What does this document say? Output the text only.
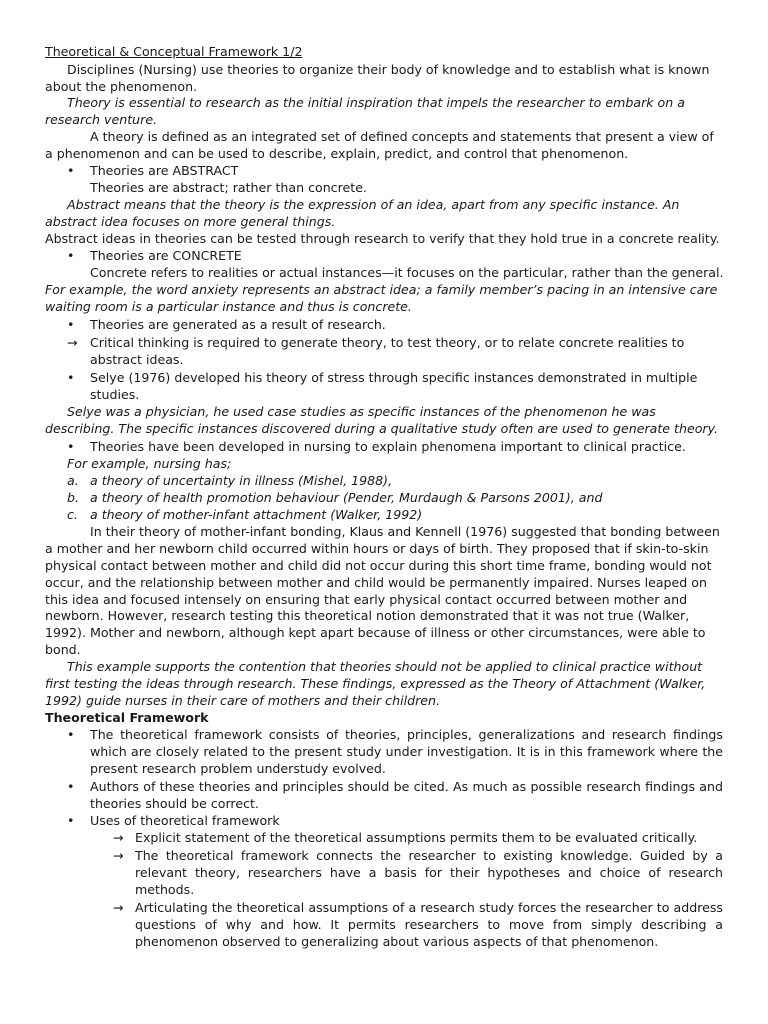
Theoretical & Conceptual Framework 1/2
Disciplines (Nursing) use theories to organize their body of knowledge and to establish what is known
about the phenomenon.
Theory is essential to research as the initial inspiration that impels the researcher to embark on a
research venture.
A theory is defined as an integrated set of defined concepts and statements that present a view of
a phenomenon and can be used to describe, explain, predict, and control that phenomenon.
• Theories are ABSTRACT
Theories are abstract; rather than concrete.
Abstract means that the theory is the expression of an idea, apart from any specific instance. An
abstract idea focuses on more general things.
Abstract ideas in theories can be tested through research to verify that they hold true in a concrete reality.
• Theories are CONCRETE
Concrete refers to realities or actual instances—it focuses on the particular, rather than the general.
For example, the word anxiety represents an abstract idea; a family member’s pacing in an intensive care
waiting room is a particular instance and thus is concrete.
• Theories are generated as a result of research.
→ Critical thinking is required to generate theory, to test theory, or to relate concrete realities to
abstract ideas.
• Selye (1976) developed his theory of stress through specific instances demonstrated in multiple
studies.
Selye was a physician, he used case studies as specific instances of the phenomenon he was
describing. The specific instances discovered during a qualitative study often are used to generate theory.
• Theories have been developed in nursing to explain phenomena important to clinical practice.
For example, nursing has;
a. a theory of uncertainty in illness (Mishel, 1988),
b. a theory of health promotion behaviour (Pender, Murdaugh & Parsons 2001), and
c. a theory of mother-infant attachment (Walker, 1992)
In their theory of mother-infant bonding, Klaus and Kennell (1976) suggested that bonding between
a mother and her newborn child occurred within hours or days of birth. They proposed that if skin-to-skin
physical contact between mother and child did not occur during this short time frame, bonding would not
occur, and the relationship between mother and child would be permanently impaired. Nurses leaped on
this idea and focused intensely on ensuring that early physical contact occurred between mother and
newborn. However, research testing this theoretical notion demonstrated that it was not true (Walker,
1992). Mother and newborn, although kept apart because of illness or other circumstances, were able to
bond.
This example supports the contention that theories should not be applied to clinical practice without
first testing the ideas through research. These findings, expressed as the Theory of Attachment (Walker,
1992) guide nurses in their care of mothers and their children.
Theoretical Framework
• The theoretical framework consists of theories, principles, generalizations and research findings
which are closely related to the present study under investigation. It is in this framework where the
present research problem understudy evolved.
• Authors of these theories and principles should be cited. As much as possible research findings and
theories should be correct.
• Uses of theoretical framework
→ Explicit statement of the theoretical assumptions permits them to be evaluated critically.
→ The theoretical framework connects the researcher to existing knowledge. Guided by a
relevant theory, researchers have a basis for their hypotheses and choice of research
methods.
→ Articulating the theoretical assumptions of a research study forces the researcher to address
questions of why and how. It permits researchers to move from simply describing a
phenomenon observed to generalizing about various aspects of that phenomenon.
